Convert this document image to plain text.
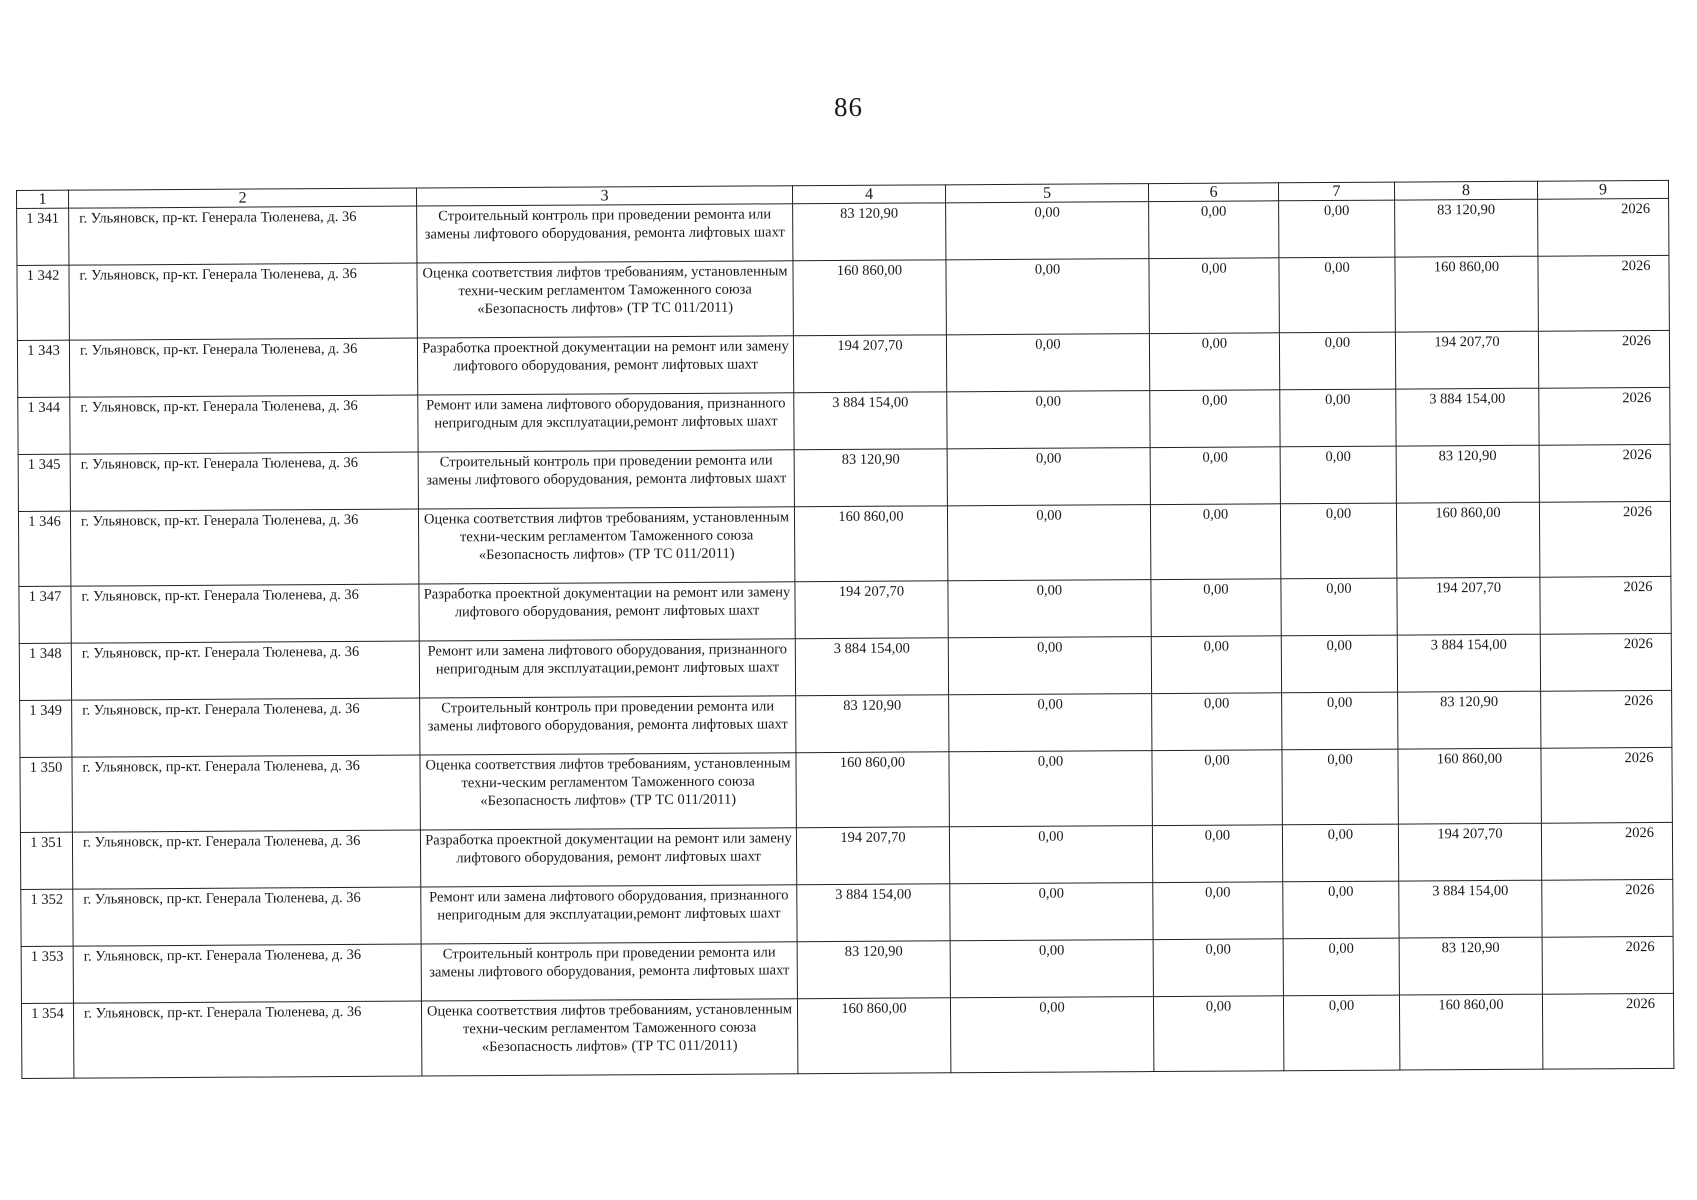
86
1	2	3	4	5	6	7	8	9
1 341	г. Ульяновск, пр-кт. Генерала Тюленева, д. 36	Строительный контроль при проведении ремонта или замены лифтового оборудования, ремонта лифтовых шахт	83 120,90	0,00	0,00	0,00	83 120,90	2026
1 342	г. Ульяновск, пр-кт. Генерала Тюленева, д. 36	Оценка соответствия лифтов требованиям, установленным техни-ческим регламентом Таможенного союза «Безопасность лифтов» (ТР ТС 011/2011)	160 860,00	0,00	0,00	0,00	160 860,00	2026
1 343	г. Ульяновск, пр-кт. Генерала Тюленева, д. 36	Разработка проектной документации на ремонт или замену лифтового оборудования, ремонт лифтовых шахт	194 207,70	0,00	0,00	0,00	194 207,70	2026
1 344	г. Ульяновск, пр-кт. Генерала Тюленева, д. 36	Ремонт или замена лифтового оборудования, признанного непригодным для эксплуатации,ремонт лифтовых шахт	3 884 154,00	0,00	0,00	0,00	3 884 154,00	2026
1 345	г. Ульяновск, пр-кт. Генерала Тюленева, д. 36	Строительный контроль при проведении ремонта или замены лифтового оборудования, ремонта лифтовых шахт	83 120,90	0,00	0,00	0,00	83 120,90	2026
1 346	г. Ульяновск, пр-кт. Генерала Тюленева, д. 36	Оценка соответствия лифтов требованиям, установленным техни-ческим регламентом Таможенного союза «Безопасность лифтов» (ТР ТС 011/2011)	160 860,00	0,00	0,00	0,00	160 860,00	2026
1 347	г. Ульяновск, пр-кт. Генерала Тюленева, д. 36	Разработка проектной документации на ремонт или замену лифтового оборудования, ремонт лифтовых шахт	194 207,70	0,00	0,00	0,00	194 207,70	2026
1 348	г. Ульяновск, пр-кт. Генерала Тюленева, д. 36	Ремонт или замена лифтового оборудования, признанного непригодным для эксплуатации,ремонт лифтовых шахт	3 884 154,00	0,00	0,00	0,00	3 884 154,00	2026
1 349	г. Ульяновск, пр-кт. Генерала Тюленева, д. 36	Строительный контроль при проведении ремонта или замены лифтового оборудования, ремонта лифтовых шахт	83 120,90	0,00	0,00	0,00	83 120,90	2026
1 350	г. Ульяновск, пр-кт. Генерала Тюленева, д. 36	Оценка соответствия лифтов требованиям, установленным техни-ческим регламентом Таможенного союза «Безопасность лифтов» (ТР ТС 011/2011)	160 860,00	0,00	0,00	0,00	160 860,00	2026
1 351	г. Ульяновск, пр-кт. Генерала Тюленева, д. 36	Разработка проектной документации на ремонт или замену лифтового оборудования, ремонт лифтовых шахт	194 207,70	0,00	0,00	0,00	194 207,70	2026
1 352	г. Ульяновск, пр-кт. Генерала Тюленева, д. 36	Ремонт или замена лифтового оборудования, признанного непригодным для эксплуатации,ремонт лифтовых шахт	3 884 154,00	0,00	0,00	0,00	3 884 154,00	2026
1 353	г. Ульяновск, пр-кт. Генерала Тюленева, д. 36	Строительный контроль при проведении ремонта или замены лифтового оборудования, ремонта лифтовых шахт	83 120,90	0,00	0,00	0,00	83 120,90	2026
1 354	г. Ульяновск, пр-кт. Генерала Тюленева, д. 36	Оценка соответствия лифтов требованиям, установленным техни-ческим регламентом Таможенного союза «Безопасность лифтов» (ТР ТС 011/2011)	160 860,00	0,00	0,00	0,00	160 860,00	2026
